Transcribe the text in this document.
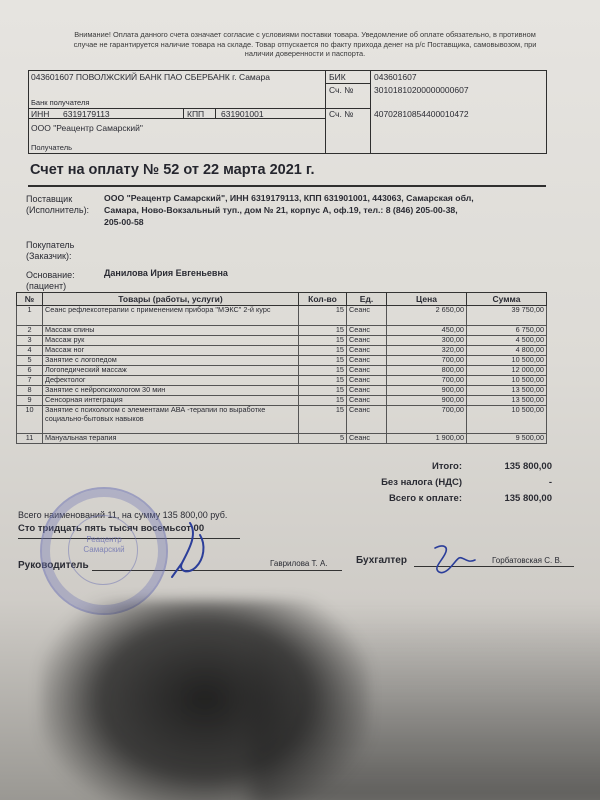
Внимание! Оплата данного счета означает согласие с условиями поставки товара. Уведомление об оплате обязательно, в противном случае не гарантируется наличие товара на складе. Товар отпускается по факту прихода денег на р/с Поставщика, самовывозом, при наличии доверенности и паспорта.
043601607 ПОВОЛЖСКИЙ БАНК ПАО СБЕРБАНК г. Самара
Банк получателя
БИК	043601607
Сч. № 30101810200000000607
ИНН 6319179113	КПП 631901001	Сч. № 40702810854400010472
ООО "Реацентр Самарский"
Получатель
Счет на оплату № 52 от 22 марта 2021 г.
Поставщик
(Исполнитель):
ООО "Реацентр Самарский", ИНН 6319179113, КПП 631901001, 443063, Самарская обл,
Самара, Ново-Вокзальный туп., дом № 21, корпус А, оф.19, тел.: 8 (846) 205-00-38,
205-00-58
Покупатель
(Заказчик):
Основание:
(пациент)
Данилова Ирия Евгеньевна
№	Товары (работы, услуги)	Кол-во	Ед.	Цена	Сумма
1	Сеанс рефлексотерапии с применением прибора "МЭКС" 2-й курс	15	Сеанс	2 650,00	39 750,00
2	Массаж спины	15	Сеанс	450,00	6 750,00
3	Массаж рук	15	Сеанс	300,00	4 500,00
4	Массаж ног	15	Сеанс	320,00	4 800,00
5	Занятие с логопедом	15	Сеанс	700,00	10 500,00
6	Логопедический массаж	15	Сеанс	800,00	12 000,00
7	Дефектолог	15	Сеанс	700,00	10 500,00
8	Занятие с нейропсихологом 30 мин	15	Сеанс	900,00	13 500,00
9	Сенсорная интеграция	15	Сеанс	900,00	13 500,00
10	Занятие с психологом с элементами АВА -терапии по выработке социально-бытовых навыков	15	Сеанс	700,00	10 500,00
11	Мануальная терапия	5	Сеанс	1 900,00	9 500,00
Итого:	135 800,00
Без налога (НДС)	-
Всего к оплате:	135 800,00
Всего наименований 11, на сумму 135 800,00 руб.
Сто тридцать пять тысяч восемьсот 00
Руководитель	Гаврилова Т. А.	Бухгалтер	Горбатовская С. В.
Реацентр Самарский
